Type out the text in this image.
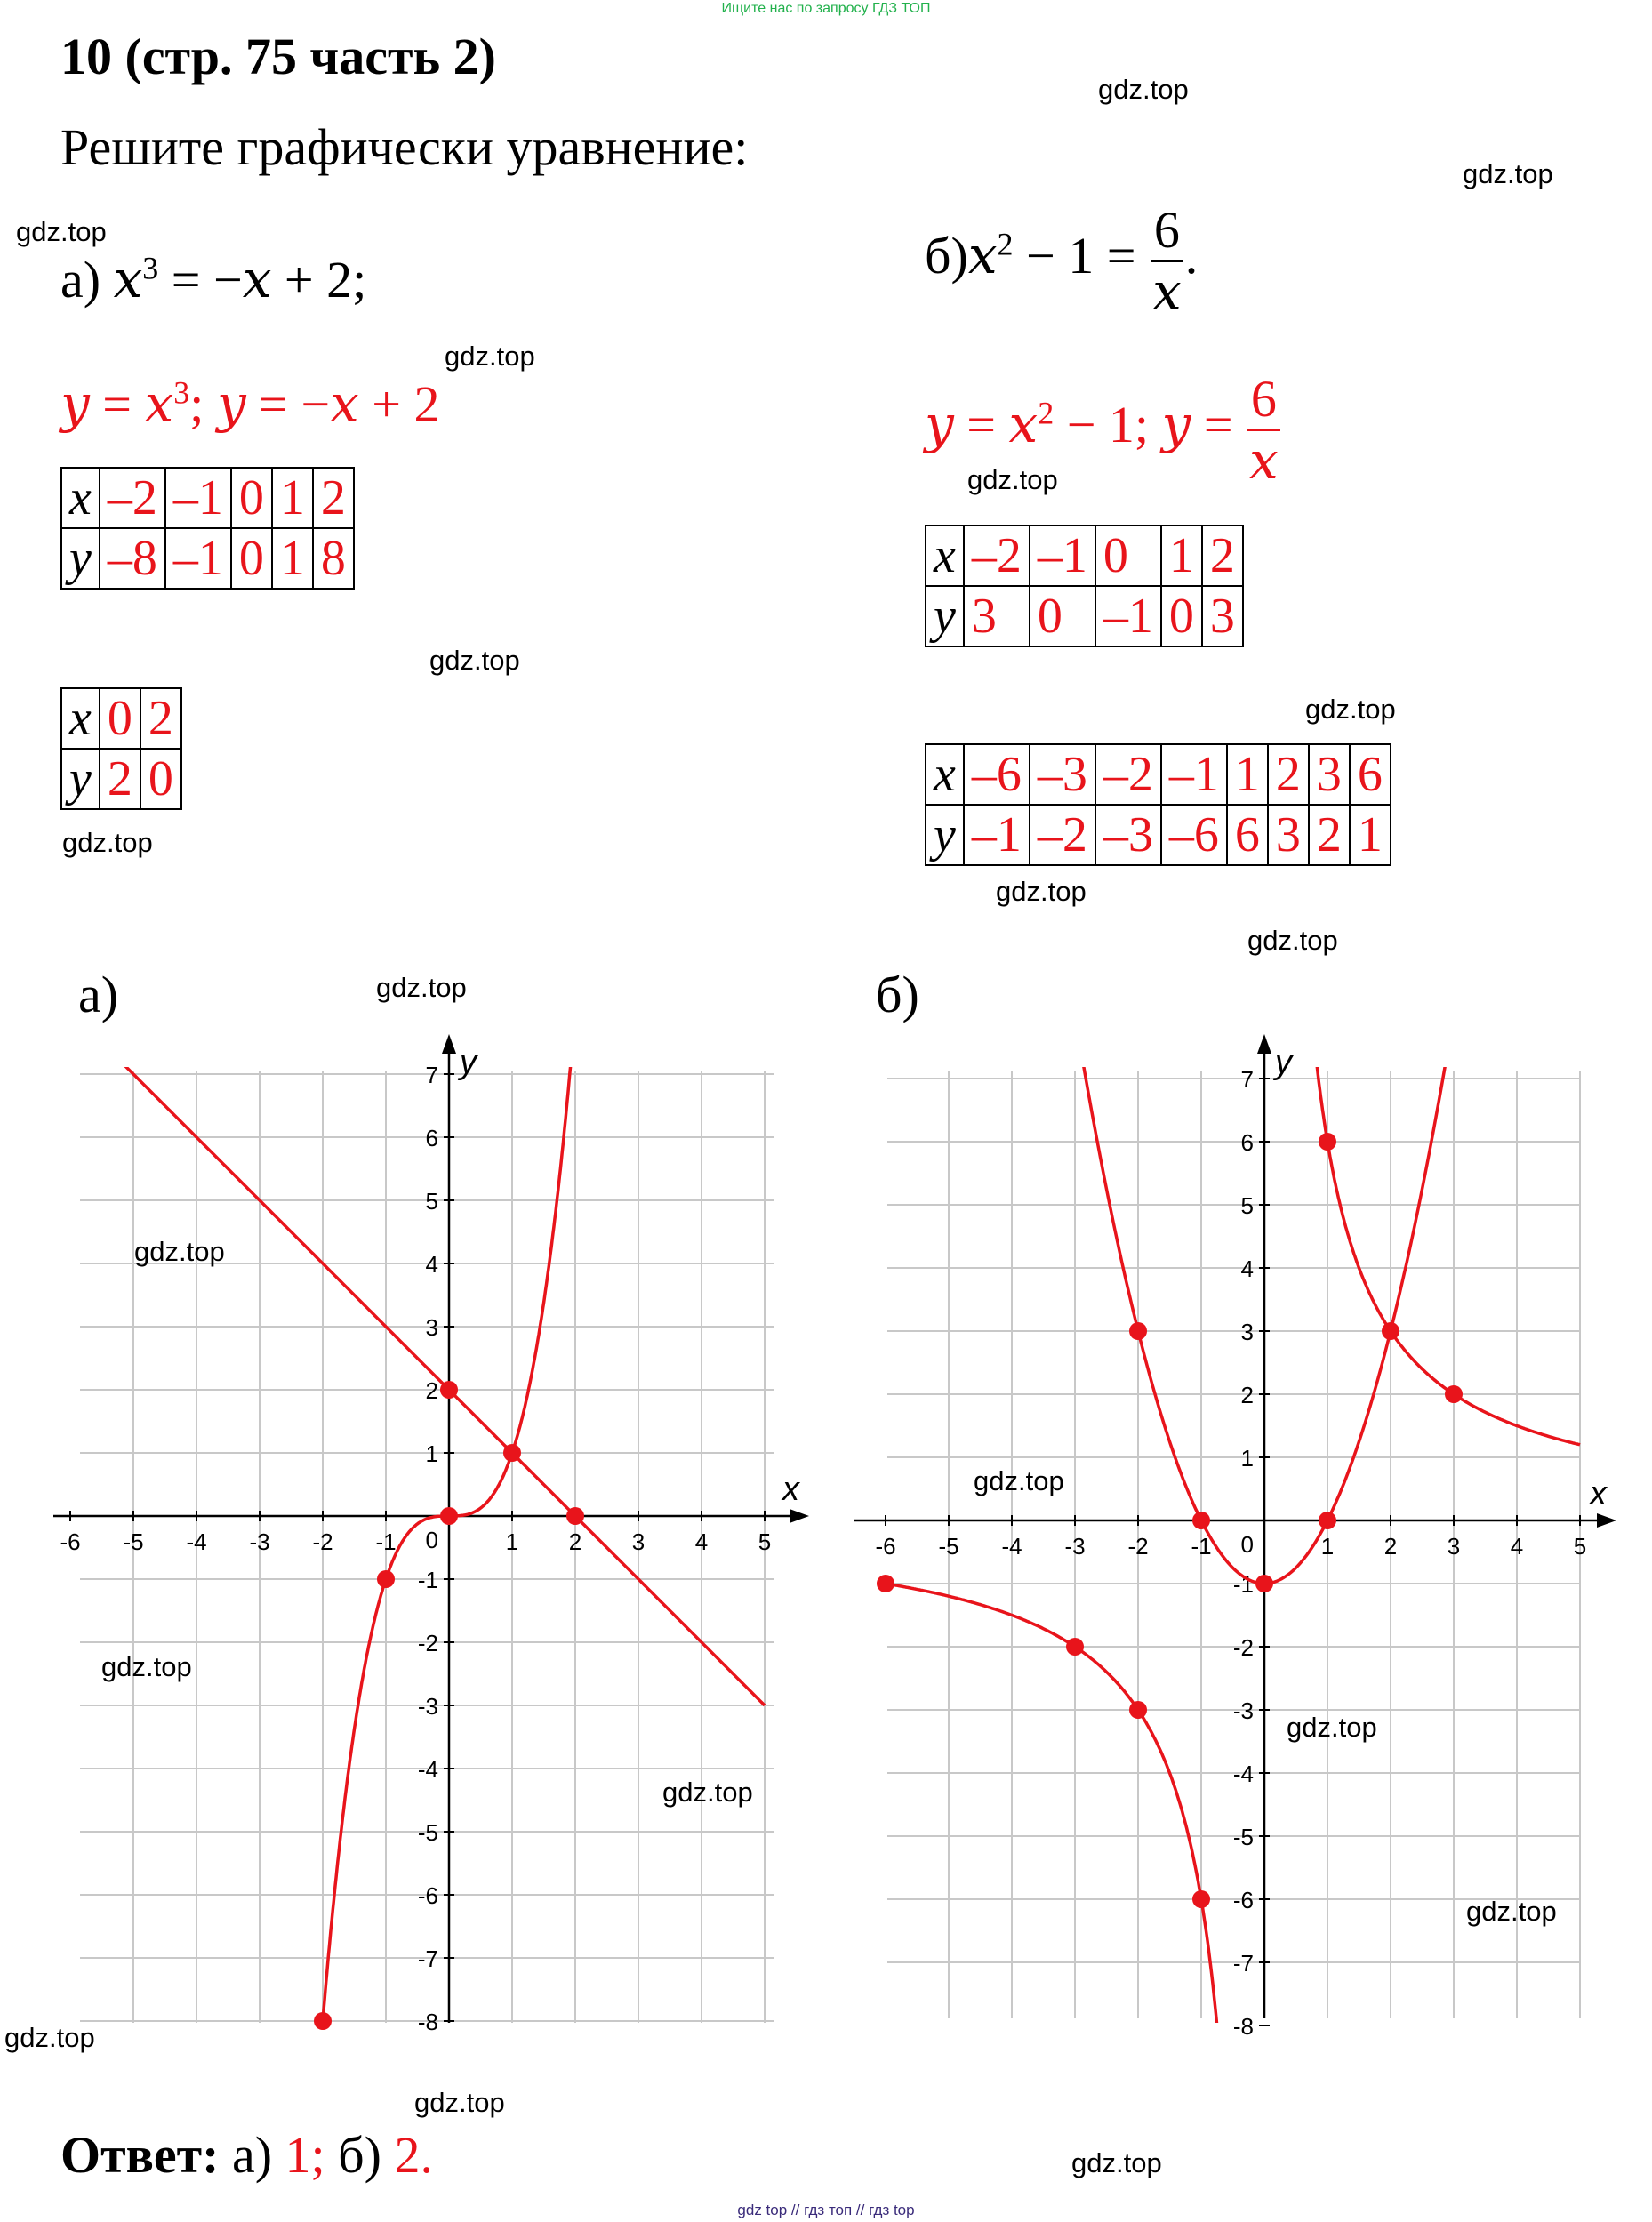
Ищите нас по запросу ГДЗ ТОП
10 (стр. 75 часть 2)
Решите графически уравнение:
а) $x^3 = -x + 2$;	$б)x^2 - 1 = \frac{6}{x}$ .
$y = x^3$; y = −x + 2	$y = x^2 - 1$; $y = \frac{6}{x}$
x	–2	–1	0	1	2
y	–8	–1	0	1	8
x	0	2
y	2	0
x	–2	–1	0	1	2
y	3	0	–1	0	3
x	–6	–3	–2	–1	1	2	3	6
y	–1	–2	–3	–6	6	3	2	1
а)	б)
x
y
-6 -5 -4 -3 -2 -1	1 2 3 4 5
-8
-7
-6
-5
-4
-3
-2
-1
0
1
2
3
4
5
6
7
x
y
-6 -5 -4 -3 -2 -1	1 2 3 4 5
-8
-7
-6
-5
-4
-3
-2
-1
0
1
2
3
4
5
6
7
Ответ: а) 1; б) 2.
gdz.top
gdz.top
gdz.top
gdz.top
gdz.top
gdz.top
gdz.top
gdz.top
gdz.top
gdz.top
gdz.top
gdz.top
gdz.top
gdz.top
gdz.top
gdz.top
gdz.top
gdz.top
gdz.top
gdz.top
gdz top // гдз топ // гдз top
